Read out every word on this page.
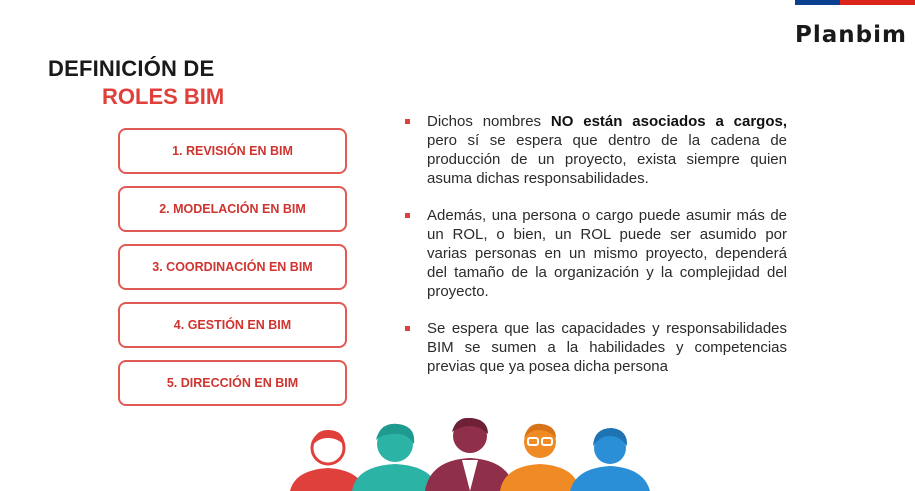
Planbim
DEFINICIÓN DE
ROLES BIM
1. REVISIÓN EN BIM
2. MODELACIÓN EN BIM
3. COORDINACIÓN EN BIM
4. GESTIÓN EN BIM
5. DIRECCIÓN EN BIM
Dichos nombres NO están asociados a cargos, pero sí se espera que dentro de la cadena de producción de un proyecto, exista siempre quien asuma dichas responsabilidades.
Además, una persona o cargo puede asumir más de un ROL, o bien, un ROL puede ser asumido por varias personas en un mismo proyecto, dependerá del tamaño de la organización y la complejidad del proyecto.
Se espera que las capacidades y responsabilidades BIM se sumen a la habilidades y competencias previas que ya posea dicha persona
